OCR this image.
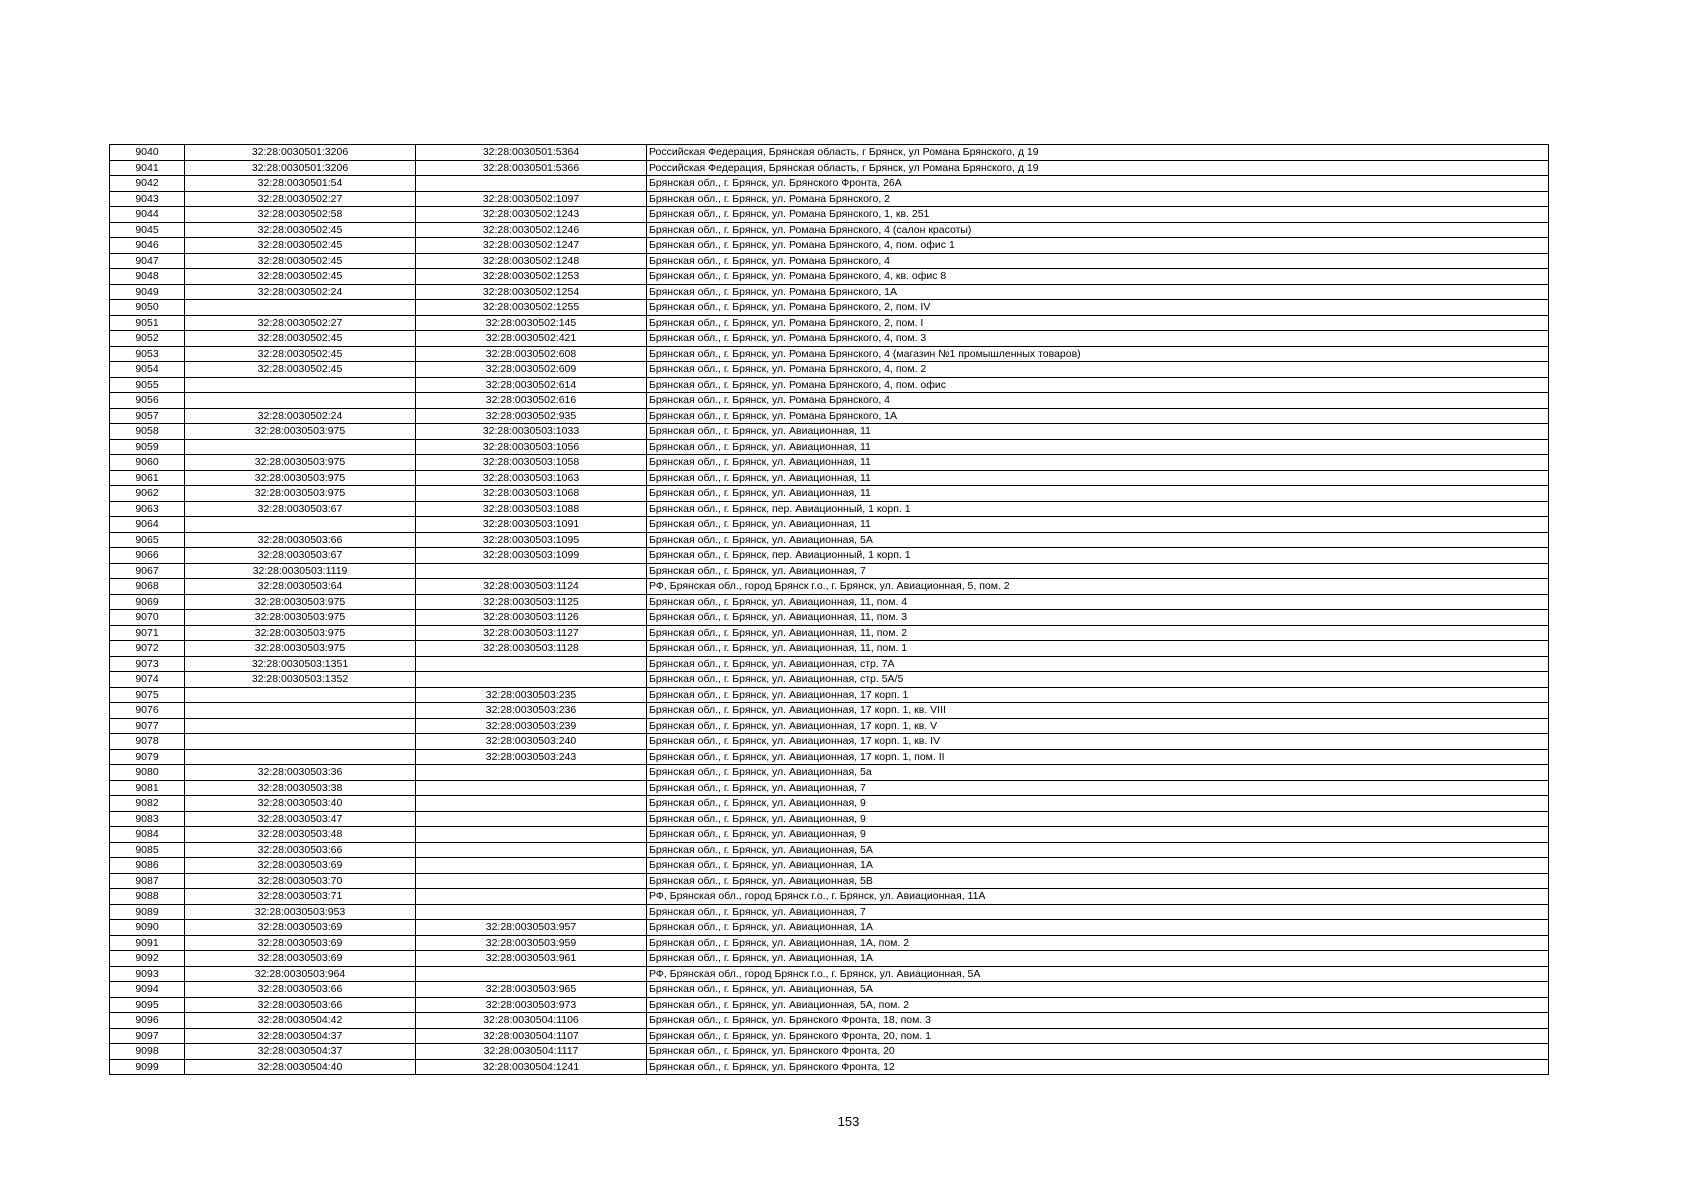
9040	32:28:0030501:3206	32:28:0030501:5364	Российская Федерация, Брянская область, г Брянск, ул Романа Брянского, д 19
9041	32:28:0030501:3206	32:28:0030501:5366	Российская Федерация, Брянская область, г Брянск, ул Романа Брянского, д 19
9042	32:28:0030501:54		Брянская обл., г. Брянск, ул. Брянского Фронта, 26А
9043	32:28:0030502:27	32:28:0030502:1097	Брянская обл., г. Брянск, ул. Романа Брянского, 2
9044	32:28:0030502:58	32:28:0030502:1243	Брянская обл., г. Брянск, ул. Романа Брянского, 1, кв. 251
9045	32:28:0030502:45	32:28:0030502:1246	Брянская обл., г. Брянск, ул. Романа Брянского, 4 (салон красоты)
9046	32:28:0030502:45	32:28:0030502:1247	Брянская обл., г. Брянск, ул. Романа Брянского, 4, пом. офис 1
9047	32:28:0030502:45	32:28:0030502:1248	Брянская обл., г. Брянск, ул. Романа Брянского, 4
9048	32:28:0030502:45	32:28:0030502:1253	Брянская обл., г. Брянск, ул. Романа Брянского, 4, кв. офис 8
9049	32:28:0030502:24	32:28:0030502:1254	Брянская обл., г. Брянск, ул. Романа Брянского, 1А
9050		32:28:0030502:1255	Брянская обл., г. Брянск, ул. Романа Брянского, 2, пом. IV
9051	32:28:0030502:27	32:28:0030502:145	Брянская обл., г. Брянск, ул. Романа Брянского, 2, пом. I
9052	32:28:0030502:45	32:28:0030502:421	Брянская обл., г. Брянск, ул. Романа Брянского, 4, пом. 3
9053	32:28:0030502:45	32:28:0030502:608	Брянская обл., г. Брянск, ул. Романа Брянского, 4 (магазин №1 промышленных товаров)
9054	32:28:0030502:45	32:28:0030502:609	Брянская обл., г. Брянск, ул. Романа Брянского, 4, пом. 2
9055		32:28:0030502:614	Брянская обл., г. Брянск, ул. Романа Брянского, 4, пом. офис
9056		32:28:0030502:616	Брянская обл., г. Брянск, ул. Романа Брянского, 4
9057	32:28:0030502:24	32:28:0030502:935	Брянская обл., г. Брянск, ул. Романа Брянского, 1А
9058	32:28:0030503:975	32:28:0030503:1033	Брянская обл., г. Брянск, ул. Авиационная, 11
9059		32:28:0030503:1056	Брянская обл., г. Брянск, ул. Авиационная, 11
9060	32:28:0030503:975	32:28:0030503:1058	Брянская обл., г. Брянск, ул. Авиационная, 11
9061	32:28:0030503:975	32:28:0030503:1063	Брянская обл., г. Брянск, ул. Авиационная, 11
9062	32:28:0030503:975	32:28:0030503:1068	Брянская обл., г. Брянск, ул. Авиационная, 11
9063	32:28:0030503:67	32:28:0030503:1088	Брянская обл., г. Брянск, пер. Авиационный, 1 корп. 1
9064		32:28:0030503:1091	Брянская обл., г. Брянск, ул. Авиационная, 11
9065	32:28:0030503:66	32:28:0030503:1095	Брянская обл., г. Брянск, ул. Авиационная, 5А
9066	32:28:0030503:67	32:28:0030503:1099	Брянская обл., г. Брянск, пер. Авиационный, 1 корп. 1
9067	32:28:0030503:1119		Брянская обл., г. Брянск, ул. Авиационная, 7
9068	32:28:0030503:64	32:28:0030503:1124	РФ, Брянская обл., город Брянск г.о., г. Брянск, ул. Авиационная, 5, пом. 2
9069	32:28:0030503:975	32:28:0030503:1125	Брянская обл., г. Брянск, ул. Авиационная, 11, пом. 4
9070	32:28:0030503:975	32:28:0030503:1126	Брянская обл., г. Брянск, ул. Авиационная, 11, пом. 3
9071	32:28:0030503:975	32:28:0030503:1127	Брянская обл., г. Брянск, ул. Авиационная, 11, пом. 2
9072	32:28:0030503:975	32:28:0030503:1128	Брянская обл., г. Брянск, ул. Авиационная, 11, пом. 1
9073	32:28:0030503:1351		Брянская обл., г. Брянск, ул. Авиационная, стр. 7А
9074	32:28:0030503:1352		Брянская обл., г. Брянск, ул. Авиационная, стр. 5А/5
9075		32:28:0030503:235	Брянская обл., г. Брянск, ул. Авиационная, 17 корп. 1
9076		32:28:0030503:236	Брянская обл., г. Брянск, ул. Авиационная, 17 корп. 1, кв. VIII
9077		32:28:0030503:239	Брянская обл., г. Брянск, ул. Авиационная, 17 корп. 1, кв. V
9078		32:28:0030503:240	Брянская обл., г. Брянск, ул. Авиационная, 17 корп. 1, кв. IV
9079		32:28:0030503:243	Брянская обл., г. Брянск, ул. Авиационная, 17 корп. 1, пом. II
9080	32:28:0030503:36		Брянская обл., г. Брянск, ул. Авиационная, 5а
9081	32:28:0030503:38		Брянская обл., г. Брянск, ул. Авиационная, 7
9082	32:28:0030503:40		Брянская обл., г. Брянск, ул. Авиационная, 9
9083	32:28:0030503:47		Брянская обл., г. Брянск, ул. Авиационная, 9
9084	32:28:0030503:48		Брянская обл., г. Брянск, ул. Авиационная, 9
9085	32:28:0030503:66		Брянская обл., г. Брянск, ул. Авиационная, 5А
9086	32:28:0030503:69		Брянская обл., г. Брянск, ул. Авиационная, 1А
9087	32:28:0030503:70		Брянская обл., г. Брянск, ул. Авиационная, 5В
9088	32:28:0030503:71		РФ, Брянская обл., город Брянск г.о., г. Брянск, ул. Авиационная, 11А
9089	32:28:0030503:953		Брянская обл., г. Брянск, ул. Авиационная, 7
9090	32:28:0030503:69	32:28:0030503:957	Брянская обл., г. Брянск, ул. Авиационная, 1А
9091	32:28:0030503:69	32:28:0030503:959	Брянская обл., г. Брянск, ул. Авиационная, 1А, пом. 2
9092	32:28:0030503:69	32:28:0030503:961	Брянская обл., г. Брянск, ул. Авиационная, 1А
9093	32:28:0030503:964		РФ, Брянская обл., город Брянск г.о., г. Брянск, ул. Авиационная, 5А
9094	32:28:0030503:66	32:28:0030503:965	Брянская обл., г. Брянск, ул. Авиационная, 5А
9095	32:28:0030503:66	32:28:0030503:973	Брянская обл., г. Брянск, ул. Авиационная, 5А, пом. 2
9096	32:28:0030504:42	32:28:0030504:1106	Брянская обл., г. Брянск, ул. Брянского Фронта, 18, пом. 3
9097	32:28:0030504:37	32:28:0030504:1107	Брянская обл., г. Брянск, ул. Брянского Фронта, 20, пом. 1
9098	32:28:0030504:37	32:28:0030504:1117	Брянская обл., г. Брянск, ул. Брянского Фронта, 20
9099	32:28:0030504:40	32:28:0030504:1241	Брянская обл., г. Брянск, ул. Брянского Фронта, 12
153
